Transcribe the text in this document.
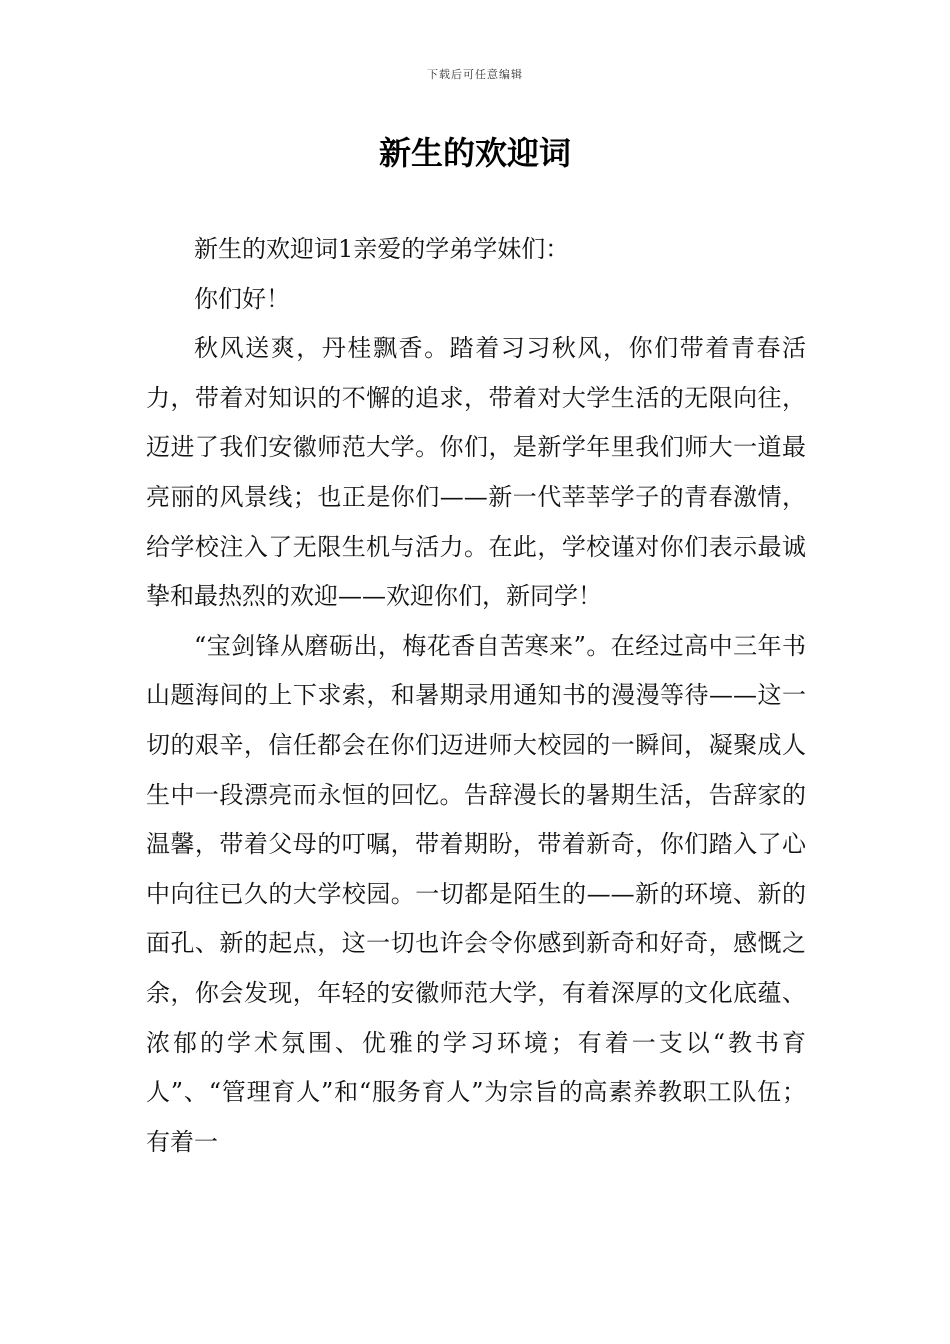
下载后可任意编辑
新生的欢迎词

新生的欢迎词1亲爱的学弟学妹们：

你们好！

秋风送爽，丹桂飘香。踏着习习秋风，你们带着青春活力，带着对知识的不懈的追求，带着对大学生活的无限向往，迈进了我们安徽师范大学。你们，是新学年里我们师大一道最亮丽的风景线；也正是你们——新一代莘莘学子的青春激情，给学校注入了无限生机与活力。在此，学校谨对你们表示最诚挚和最热烈的欢迎——欢迎你们，新同学！

“宝剑锋从磨砺出，梅花香自苦寒来”。在经过高中三年书山题海间的上下求索，和暑期录用通知书的漫漫等待——这一切的艰辛，信任都会在你们迈进师大校园的一瞬间，凝聚成人生中一段漂亮而永恒的回忆。告辞漫长的暑期生活，告辞家的温馨，带着父母的叮嘱，带着期盼，带着新奇，你们踏入了心中向往已久的大学校园。一切都是陌生的——新的环境、新的面孔、新的起点，这一切也许会令你感到新奇和好奇，感慨之余，你会发现，年轻的安徽师范大学，有着深厚的文化底蕴、浓郁的学术氛围、优雅的学习环境；有着一支以“教书育人”、“管理育人”和“服务育人”为宗旨的高素养教职工队伍；有着一
